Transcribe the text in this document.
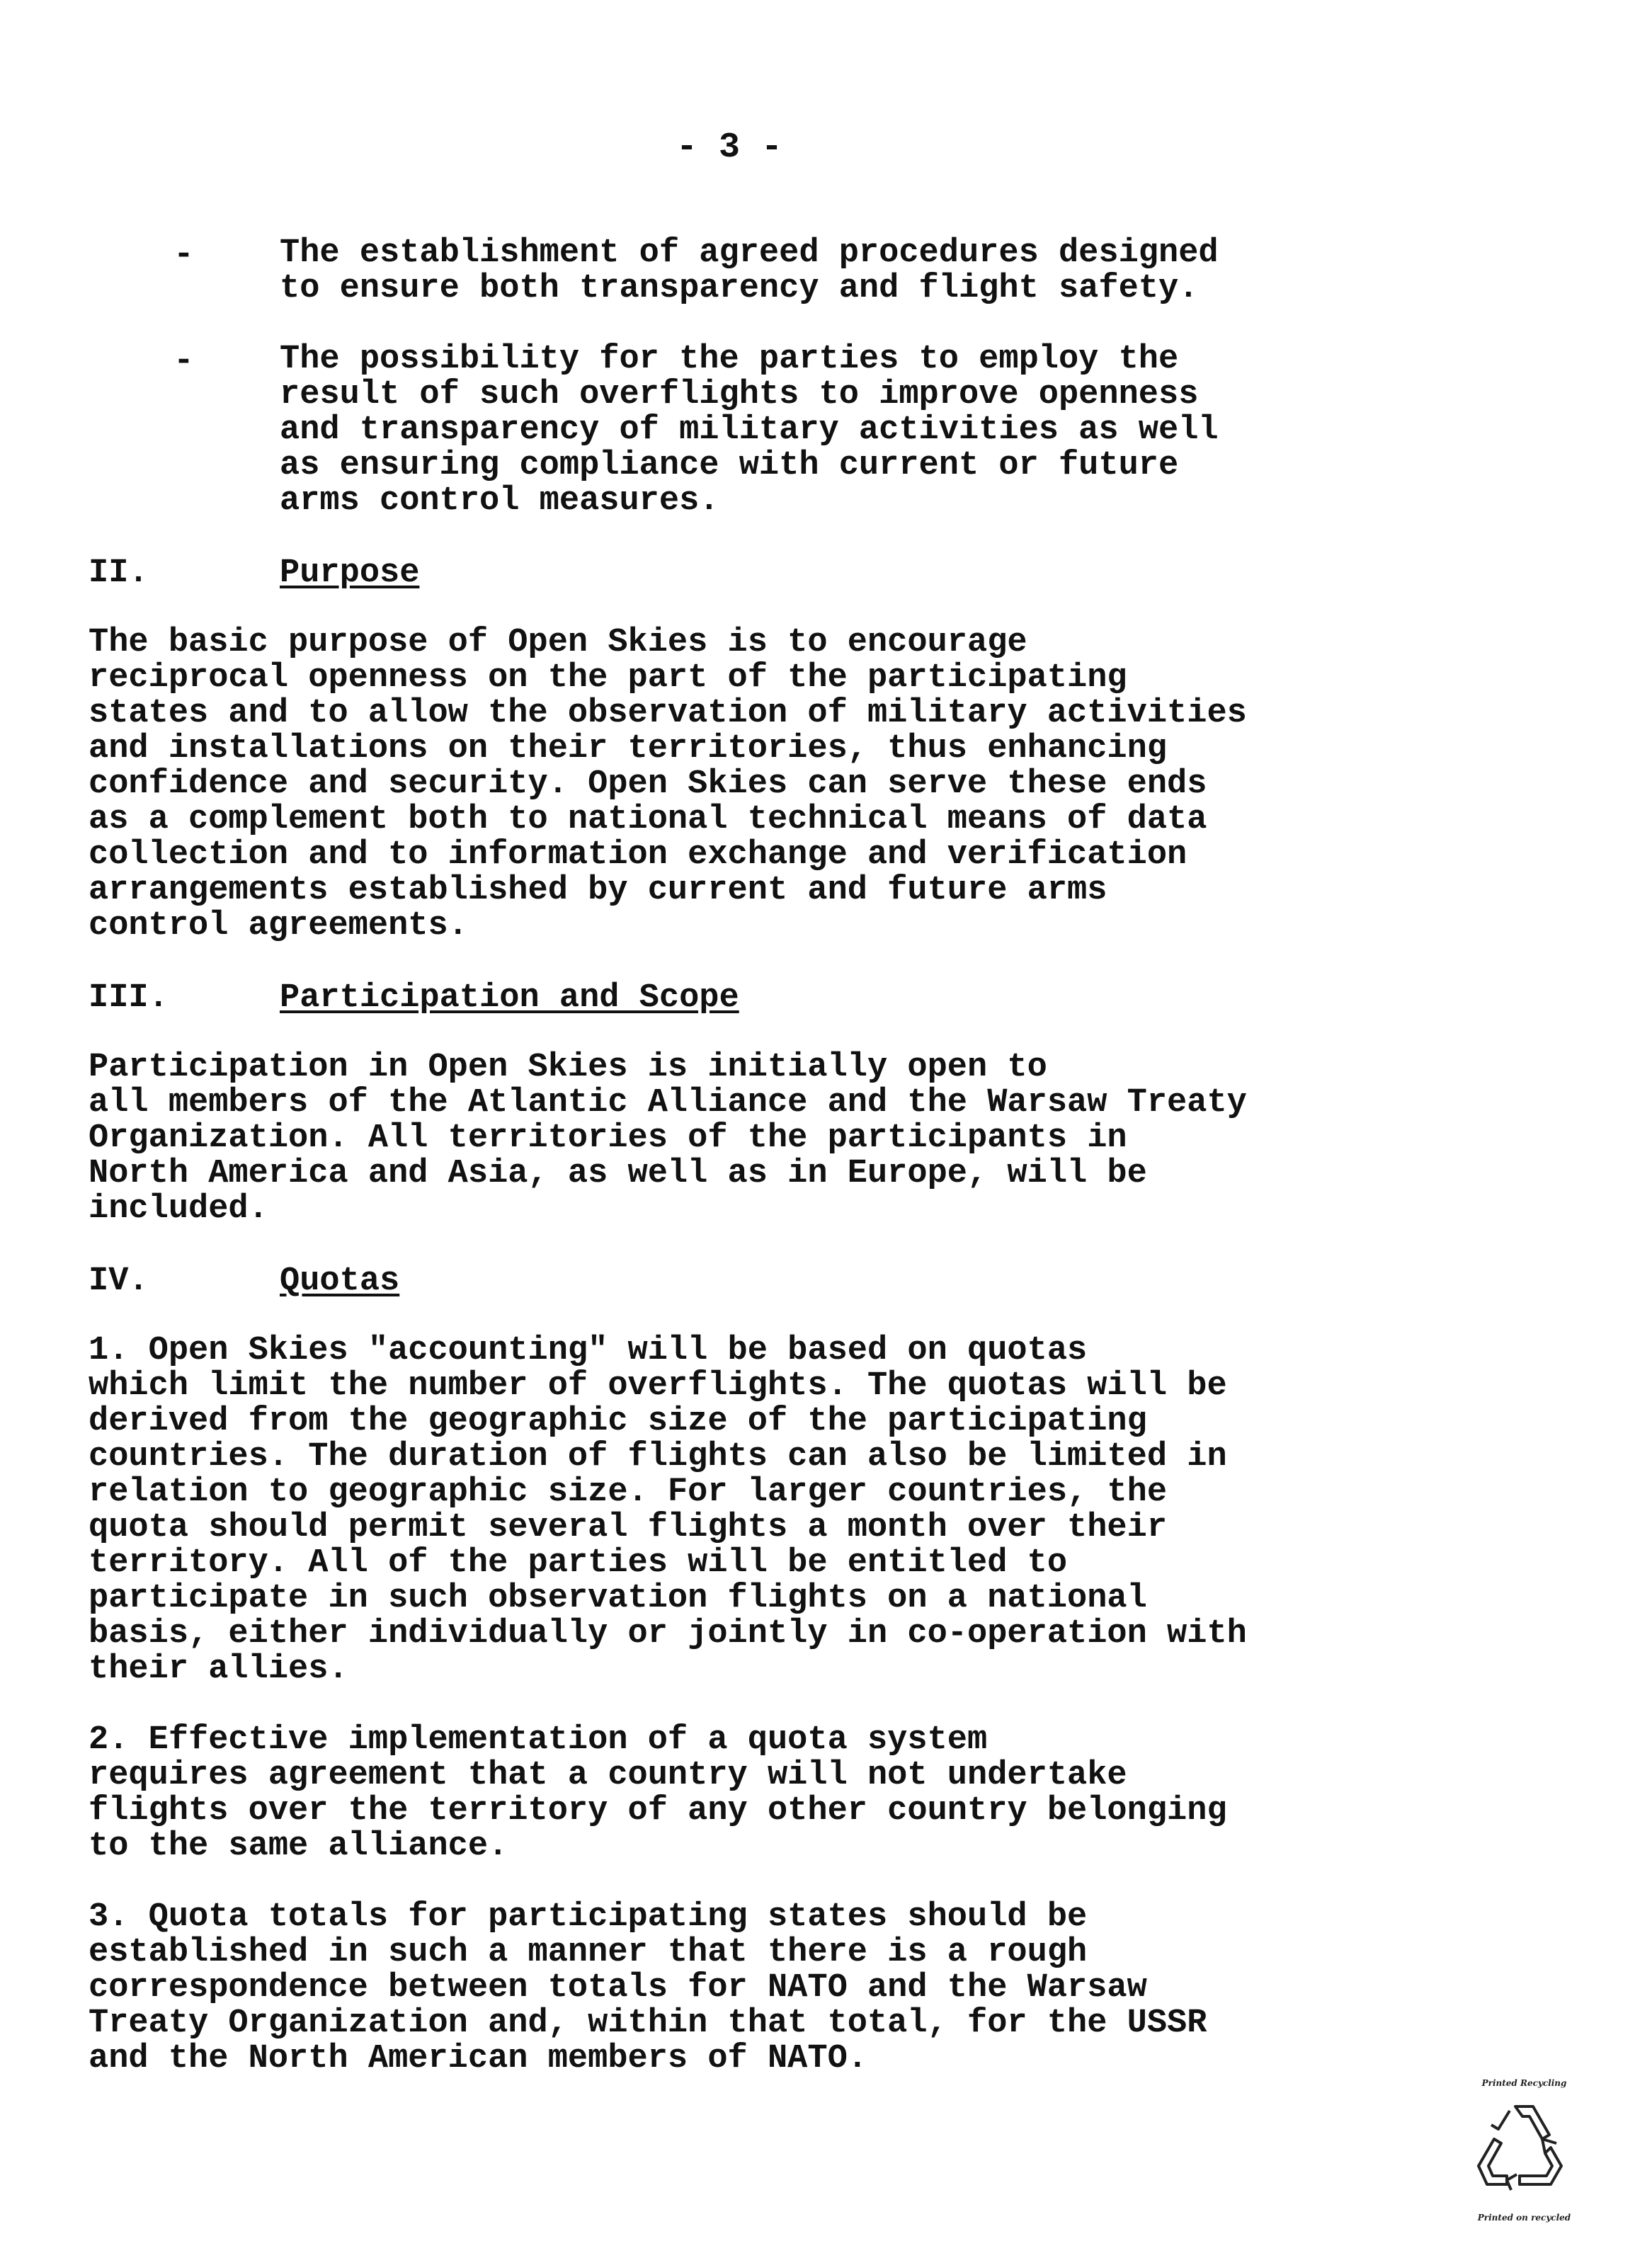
- 3 -
-	The establishment of agreed procedures designed
to ensure both transparency and flight safety.
-	The possibility for the parties to employ the
result of such overflights to improve openness
and transparency of military activities as well
as ensuring compliance with current or future
arms control measures.
II.	Purpose
The basic purpose of Open Skies is to encourage
reciprocal openness on the part of the participating
states and to allow the observation of military activities
and installations on their territories, thus enhancing
confidence and security. Open Skies can serve these ends
as a complement both to national technical means of data
collection and to information exchange and verification
arrangements established by current and future arms
control agreements.
III.	Participation and Scope
Participation in Open Skies is initially open to
all members of the Atlantic Alliance and the Warsaw Treaty
Organization. All territories of the participants in
North America and Asia, as well as in Europe, will be
included.
IV.	Quotas
1. Open Skies "accounting" will be based on quotas
which limit the number of overflights. The quotas will be
derived from the geographic size of the participating
countries. The duration of flights can also be limited in
relation to geographic size. For larger countries, the
quota should permit several flights a month over their
territory. All of the parties will be entitled to
participate in such observation flights on a national
basis, either individually or jointly in co-operation with
their allies.
2. Effective implementation of a quota system
requires agreement that a country will not undertake
flights over the territory of any other country belonging
to the same alliance.
3. Quota totals for participating states should be
established in such a manner that there is a rough
correspondence between totals for NATO and the Warsaw
Treaty Organization and, within that total, for the USSR
and the North American members of NATO.
Printed Recycling
Printed on recycled
